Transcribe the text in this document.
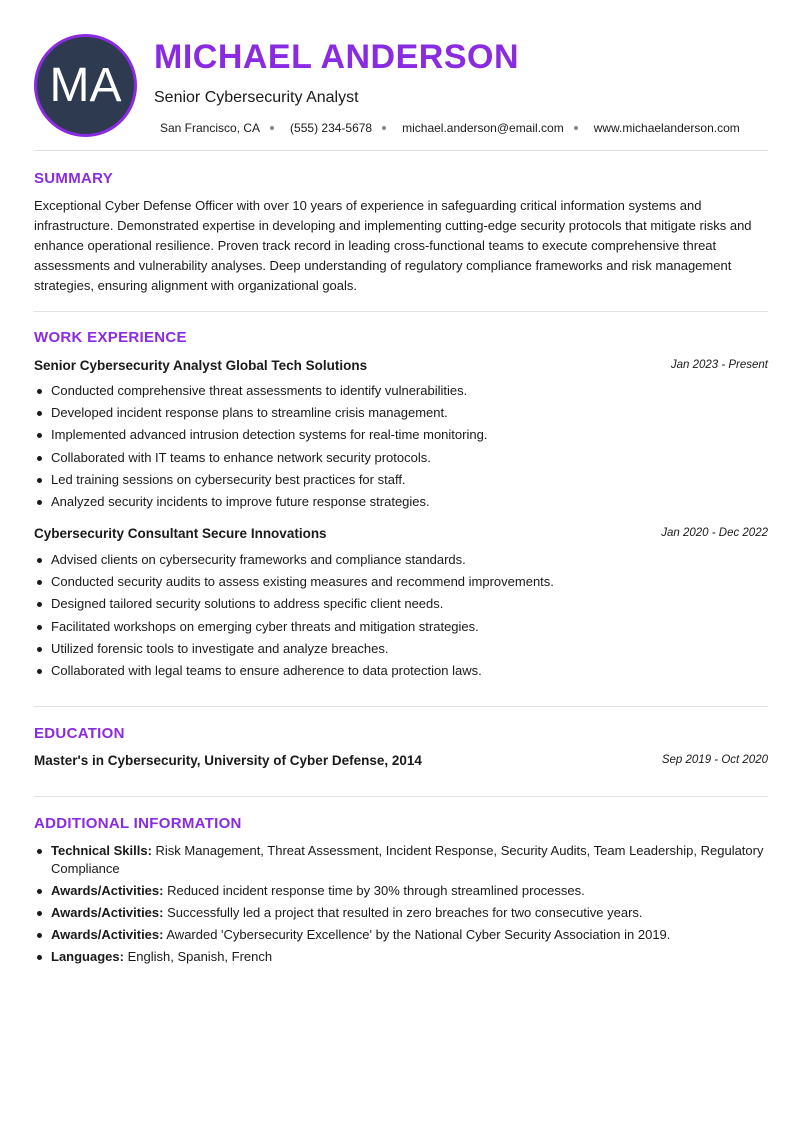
MA
MICHAEL ANDERSON
Senior Cybersecurity Analyst
San Francisco, CA	(555) 234-5678	michael.anderson@email.com	www.michaelanderson.com
SUMMARY
Exceptional Cyber Defense Officer with over 10 years of experience in safeguarding critical information systems and infrastructure. Demonstrated expertise in developing and implementing cutting-edge security protocols that mitigate risks and enhance operational resilience. Proven track record in leading cross-functional teams to execute comprehensive threat assessments and vulnerability analyses. Deep understanding of regulatory compliance frameworks and risk management strategies, ensuring alignment with organizational goals.
WORK EXPERIENCE
Senior Cybersecurity Analyst Global Tech Solutions	Jan 2023 - Present
Conducted comprehensive threat assessments to identify vulnerabilities.
Developed incident response plans to streamline crisis management.
Implemented advanced intrusion detection systems for real-time monitoring.
Collaborated with IT teams to enhance network security protocols.
Led training sessions on cybersecurity best practices for staff.
Analyzed security incidents to improve future response strategies.
Cybersecurity Consultant Secure Innovations	Jan 2020 - Dec 2022
Advised clients on cybersecurity frameworks and compliance standards.
Conducted security audits to assess existing measures and recommend improvements.
Designed tailored security solutions to address specific client needs.
Facilitated workshops on emerging cyber threats and mitigation strategies.
Utilized forensic tools to investigate and analyze breaches.
Collaborated with legal teams to ensure adherence to data protection laws.
EDUCATION
Master's in Cybersecurity, University of Cyber Defense, 2014	Sep 2019 - Oct 2020
ADDITIONAL INFORMATION
Technical Skills: Risk Management, Threat Assessment, Incident Response, Security Audits, Team Leadership, Regulatory Compliance
Awards/Activities: Reduced incident response time by 30% through streamlined processes.
Awards/Activities: Successfully led a project that resulted in zero breaches for two consecutive years.
Awards/Activities: Awarded 'Cybersecurity Excellence' by the National Cyber Security Association in 2019.
Languages: English, Spanish, French
